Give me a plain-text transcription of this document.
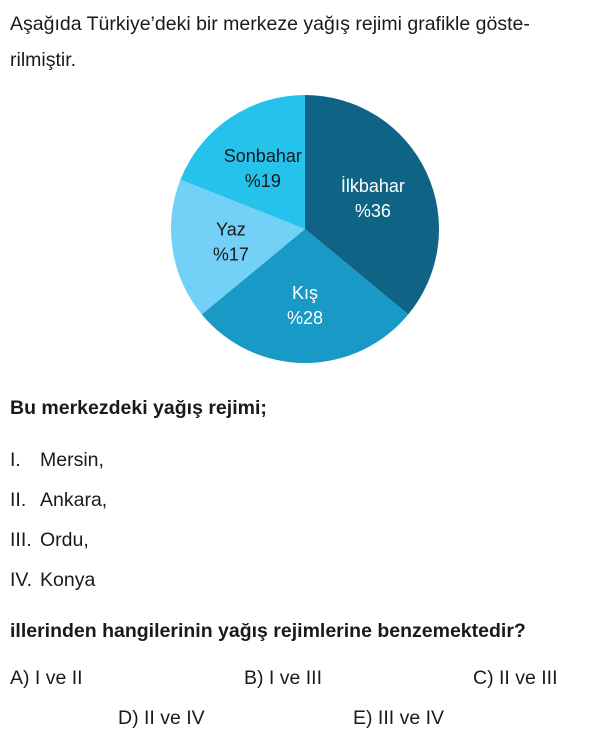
Aşağıda Türkiye’deki bir merkeze yağış rejimi grafikle göste-
rilmiştir.
İlkbahar
%36
Kış
%28
Yaz
%17
Sonbahar
%19

Bu merkezdeki yağış rejimi;

I. Mersin,
II. Ankara,
III. Ordu,
IV. Konya

illerinden hangilerinin yağış rejimlerine benzemektedir?

A) I ve II	B) I ve III	C) II ve III
D) II ve IV	E) III ve IV
